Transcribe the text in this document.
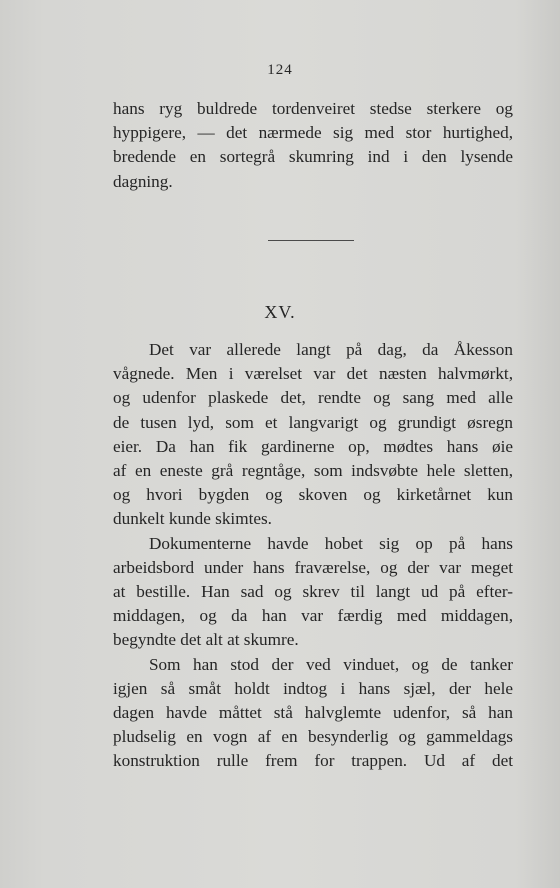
124
hans ryg buldrede tordenveiret stedse sterkere og
hyppigere, — det nærmede sig med stor hurtighed,
bredende en sortegrå skumring ind i den lysende
dagning.
XV.
Det var allerede langt på dag, da Åkesson
vågnede. Men i værelset var det næsten halvmørkt,
og udenfor plaskede det, rendte og sang med alle
de tusen lyd, som et langvarigt og grundigt øsregn
eier. Da han fik gardinerne op, mødtes hans øie
af en eneste grå regntåge, som indsvøbte hele sletten,
og hvori bygden og skoven og kirketårnet kun
dunkelt kunde skimtes.
Dokumenterne havde hobet sig op på hans
arbeidsbord under hans fraværelse, og der var meget
at bestille. Han sad og skrev til langt ud på efter-
middagen, og da han var færdig med middagen,
begyndte det alt at skumre.
Som han stod der ved vinduet, og de tanker
igjen så småt holdt indtog i hans sjæl, der hele
dagen havde måttet stå halvglemte udenfor, så han
pludselig en vogn af en besynderlig og gammeldags
konstruktion rulle frem for trappen. Ud af det
